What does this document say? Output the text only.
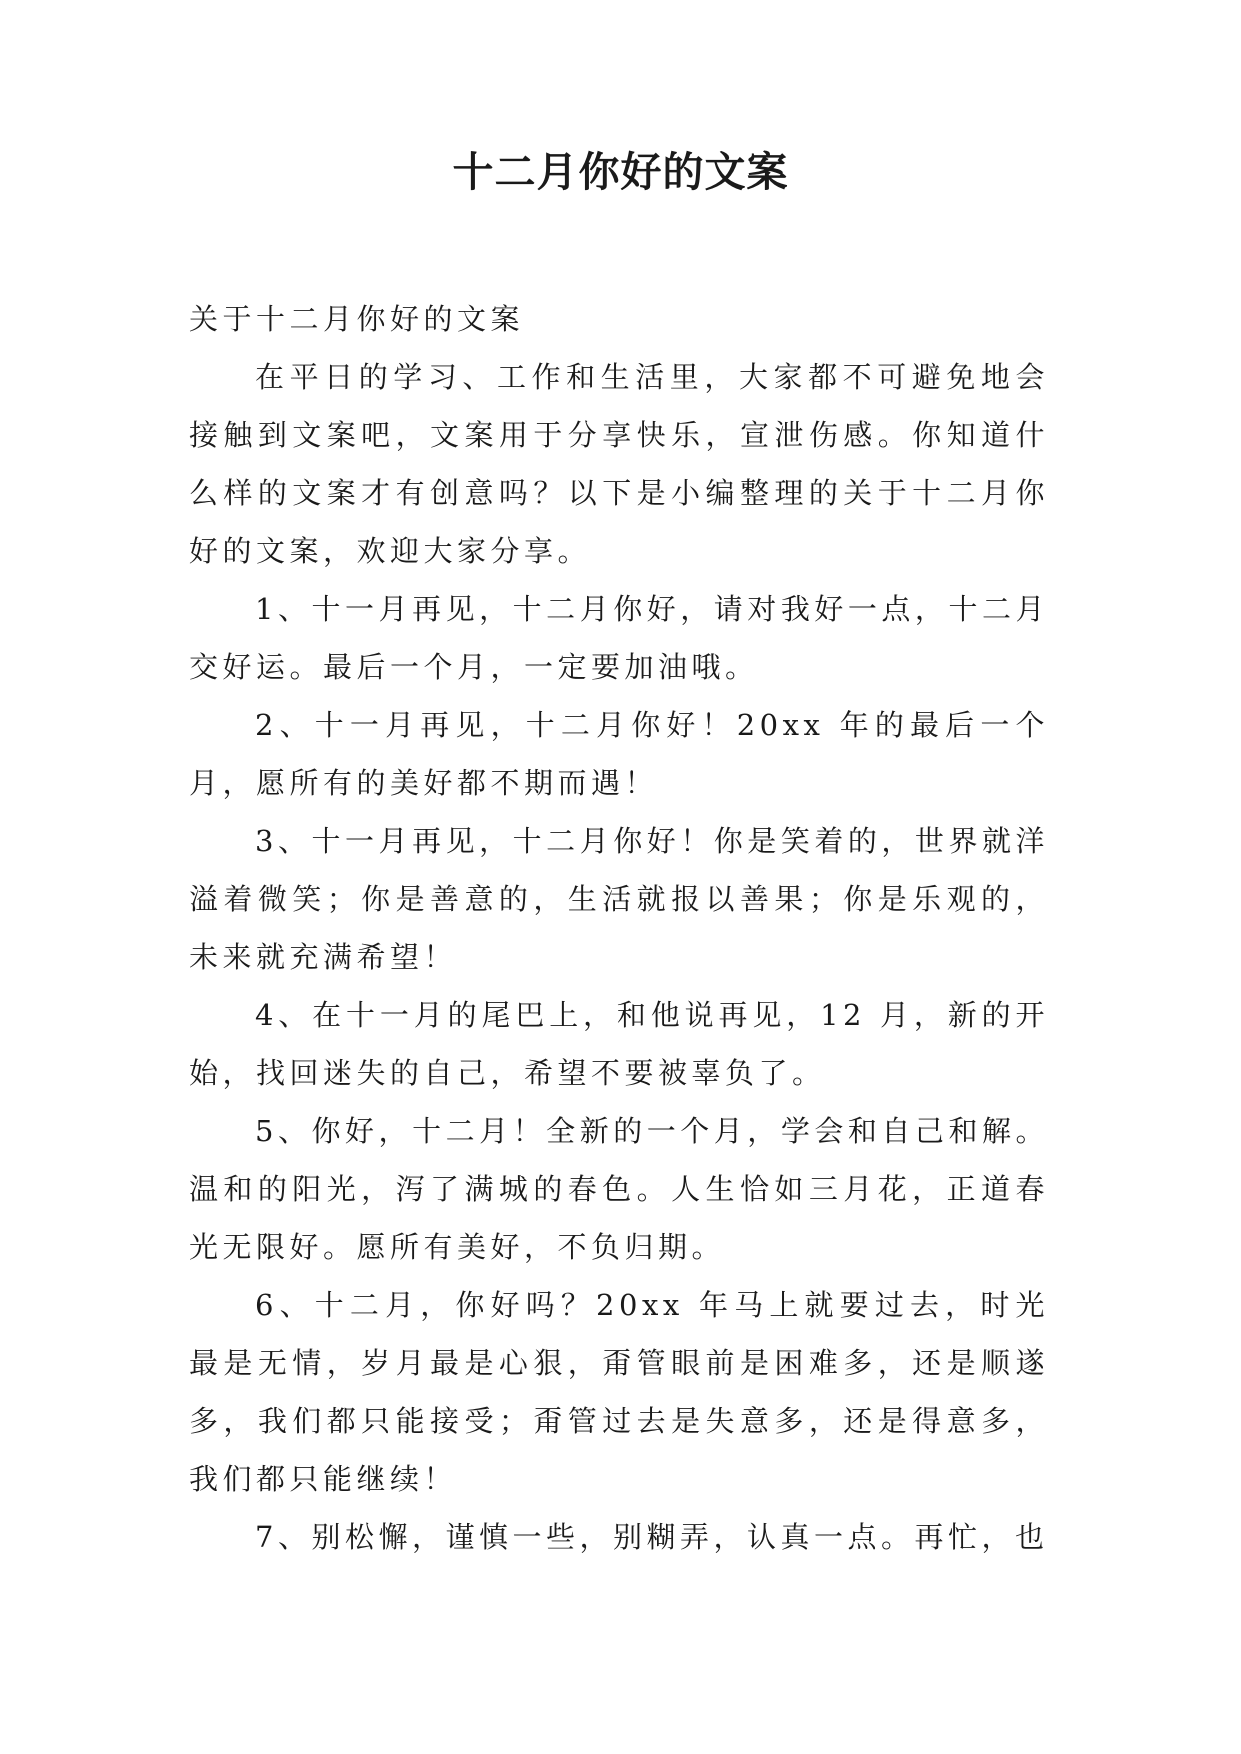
十二月你好的文案

关于十二月你好的文案

在平日的学习、工作和生活里，大家都不可避免地会接触到文案吧，文案用于分享快乐，宣泄伤感。你知道什么样的文案才有创意吗？以下是小编整理的关于十二月你好的文案，欢迎大家分享。

1、十一月再见，十二月你好，请对我好一点，十二月交好运。最后一个月，一定要加油哦。

2、十一月再见，十二月你好！20xx 年的最后一个月，愿所有的美好都不期而遇！

3、十一月再见，十二月你好！你是笑着的，世界就洋溢着微笑；你是善意的，生活就报以善果；你是乐观的，未来就充满希望！

4、在十一月的尾巴上，和他说再见，12 月，新的开始，找回迷失的自己，希望不要被辜负了。

5、你好，十二月！全新的一个月，学会和自己和解。温和的阳光，泻了满城的春色。人生恰如三月花，正道春光无限好。愿所有美好，不负归期。

6、十二月，你好吗？20xx 年马上就要过去，时光最是无情，岁月最是心狠，甭管眼前是困难多，还是顺遂多，我们都只能接受；甭管过去是失意多，还是得意多，我们都只能继续！

7、别松懈，谨慎一些，别糊弄，认真一点。再忙，也
